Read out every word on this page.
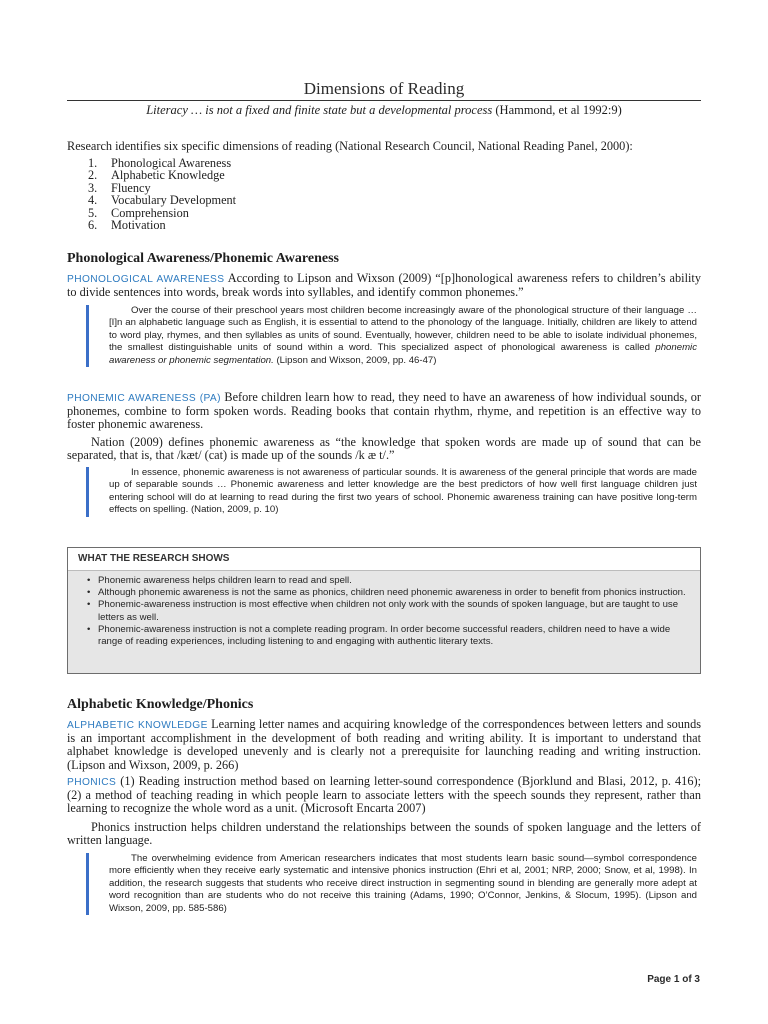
Dimensions of Reading
Literacy … is not a fixed and finite state but a developmental process (Hammond, et al 1992:9)
Research identifies six specific dimensions of reading (National Research Council, National Reading Panel, 2000):
1.	Phonological Awareness
2.	Alphabetic Knowledge
3.	Fluency
4.	Vocabulary Development
5.	Comprehension
6.	Motivation
Phonological Awareness/Phonemic Awareness

PHONOLOGICAL AWARENESS According to Lipson and Wixson (2009) “[p]honological awareness refers to children’s ability to divide sentences into words, break words into syllables, and identify common phonemes.”

Over the course of their preschool years most children become increasingly aware of the phonological structure of their language … [I]n an alphabetic language such as English, it is essential to attend to the phonology of the language. Initially, children are likely to attend to word play, rhymes, and then syllables as units of sound. Eventually, however, children need to be able to isolate individual phonemes, the smallest distinguishable units of sound within a word. This specialized aspect of phonological awareness is called phonemic awareness or phonemic segmentation. (Lipson and Wixson, 2009, pp. 46-47)

PHONEMIC AWARENESS (PA) Before children learn how to read, they need to have an awareness of how individual sounds, or phonemes, combine to form spoken words. Reading books that contain rhythm, rhyme, and repetition is an effective way to foster phonemic awareness.

Nation (2009) defines phonemic awareness as “the knowledge that spoken words are made up of sound that can be separated, that is, that /kæt/ (cat) is made up of the sounds /k æ t/.”

In essence, phonemic awareness is not awareness of particular sounds. It is awareness of the general principle that words are made up of separable sounds … Phonemic awareness and letter knowledge are the best predictors of how well first language children just entering school will do at learning to read during the first two years of school. Phonemic awareness training can have positive long-term effects on spelling. (Nation, 2009, p. 10)

WHAT THE RESEARCH SHOWS
• Phonemic awareness helps children learn to read and spell.
• Although phonemic awareness is not the same as phonics, children need phonemic awareness in order to benefit from phonics instruction.
• Phonemic-awareness instruction is most effective when children not only work with the sounds of spoken language, but are taught to use letters as well.
• Phonemic-awareness instruction is not a complete reading program. In order become successful readers, children need to have a wide range of reading experiences, including listening to and engaging with authentic literary texts.
Alphabetic Knowledge/Phonics

ALPHABETIC KNOWLEDGE Learning letter names and acquiring knowledge of the correspondences between letters and sounds is an important accomplishment in the development of both reading and writing ability. It is important to understand that alphabet knowledge is developed unevenly and is clearly not a prerequisite for launching reading and writing instruction. (Lipson and Wixson, 2009, p. 266)

PHONICS (1) Reading instruction method based on learning letter-sound correspondence (Bjorklund and Blasi, 2012, p. 416); (2) a method of teaching reading in which people learn to associate letters with the speech sounds they represent, rather than learning to recognize the whole word as a unit. (Microsoft Encarta 2007)

Phonics instruction helps children understand the relationships between the sounds of spoken language and the letters of written language.

The overwhelming evidence from American researchers indicates that most students learn basic sound—symbol correspondence more efficiently when they receive early systematic and intensive phonics instruction (Ehri et al, 2001; NRP, 2000; Snow, et al, 1998). In addition, the research suggests that students who receive direct instruction in segmenting sound in blending are generally more adept at word recognition than are students who do not receive this training (Adams, 1990; O’Connor, Jenkins, & Slocum, 1995). (Lipson and Wixson, 2009, pp. 585-586)

Page 1 of 3
